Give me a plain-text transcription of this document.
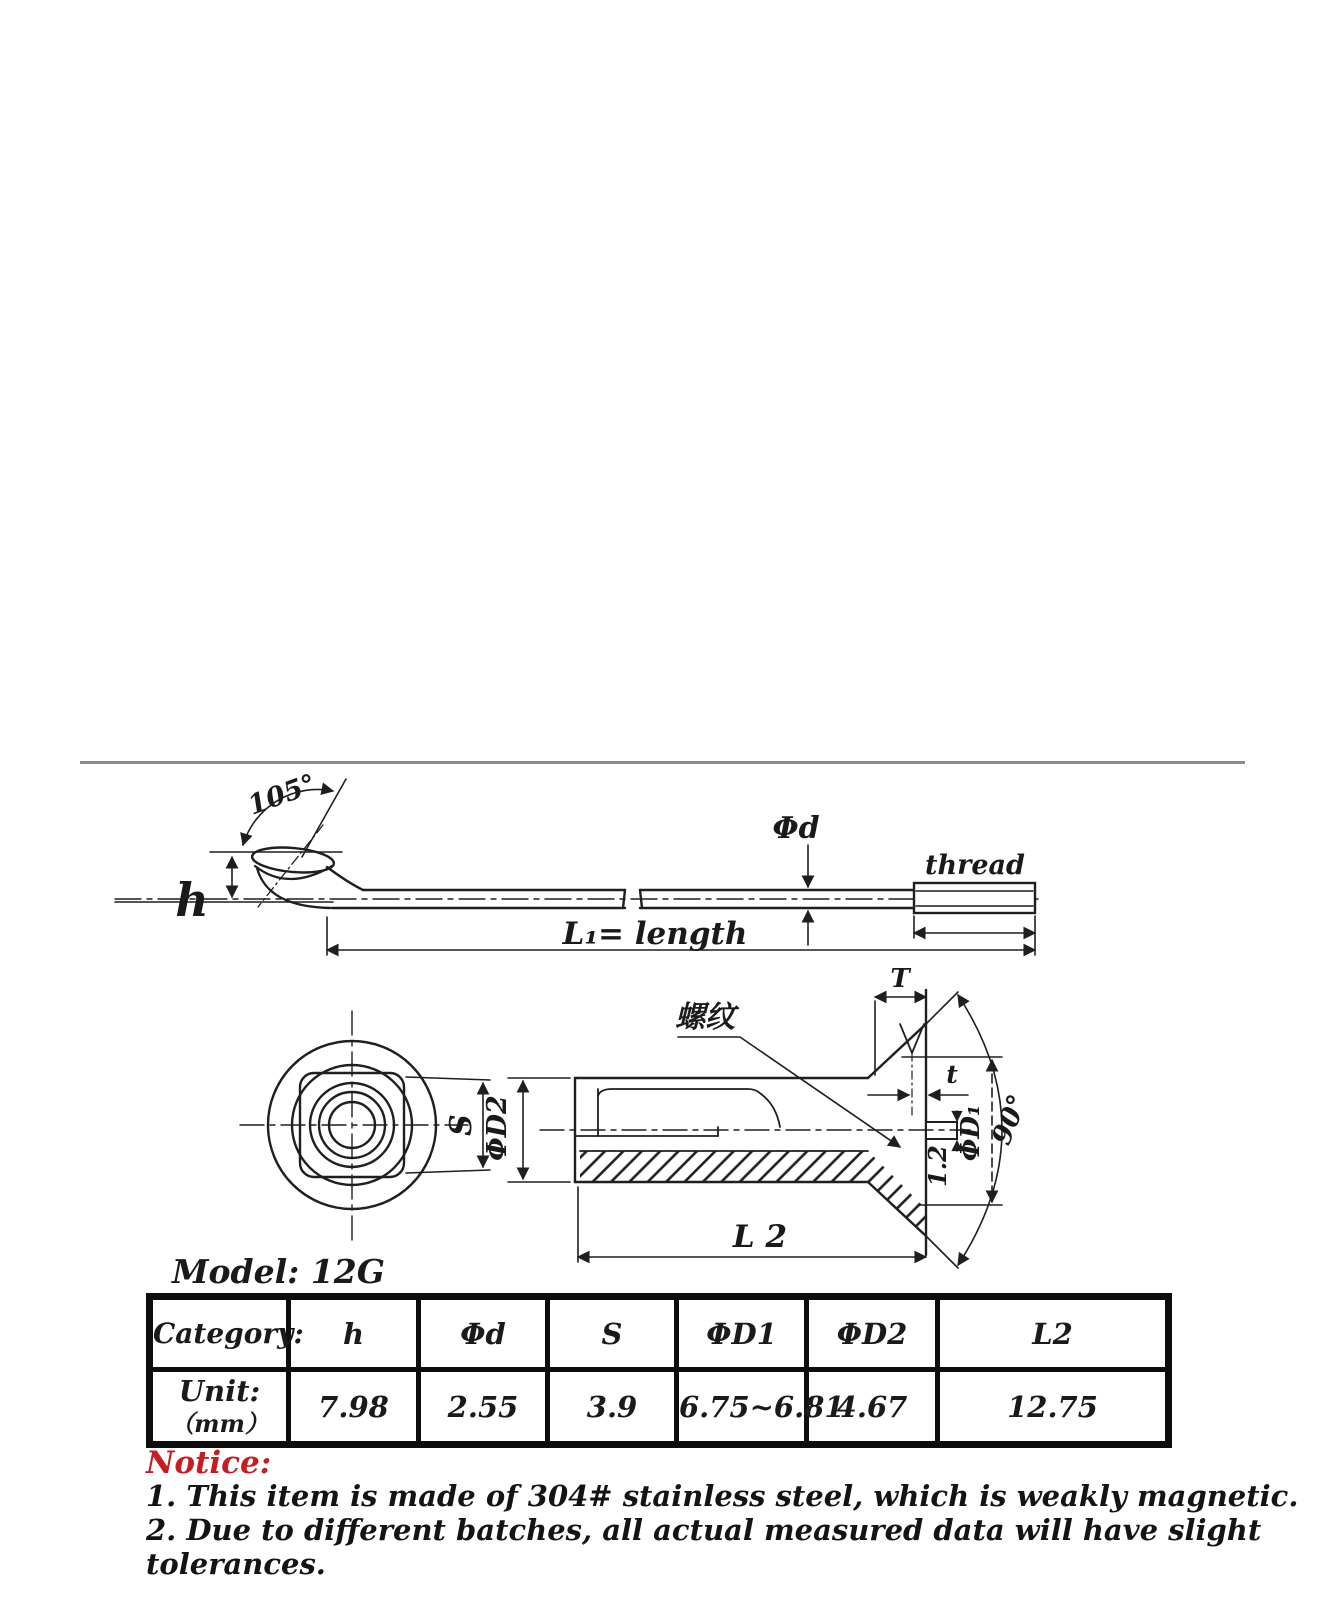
105°
h
Φd
thread
L₁= length
S ΦD2
螺纹
T
t
ΦD₁ 90°
1.2
L 2
Model: 12G
Category:	h	Φd	S	ΦD1	ΦD2	L2
Unit:
（mm）	7.98	2.55	3.9	6.75~6.81	4.67	12.75
Notice:
1. This item is made of 304# stainless steel, which is weakly magnetic.
2. Due to different batches, all actual measured data will have slight tolerances.
